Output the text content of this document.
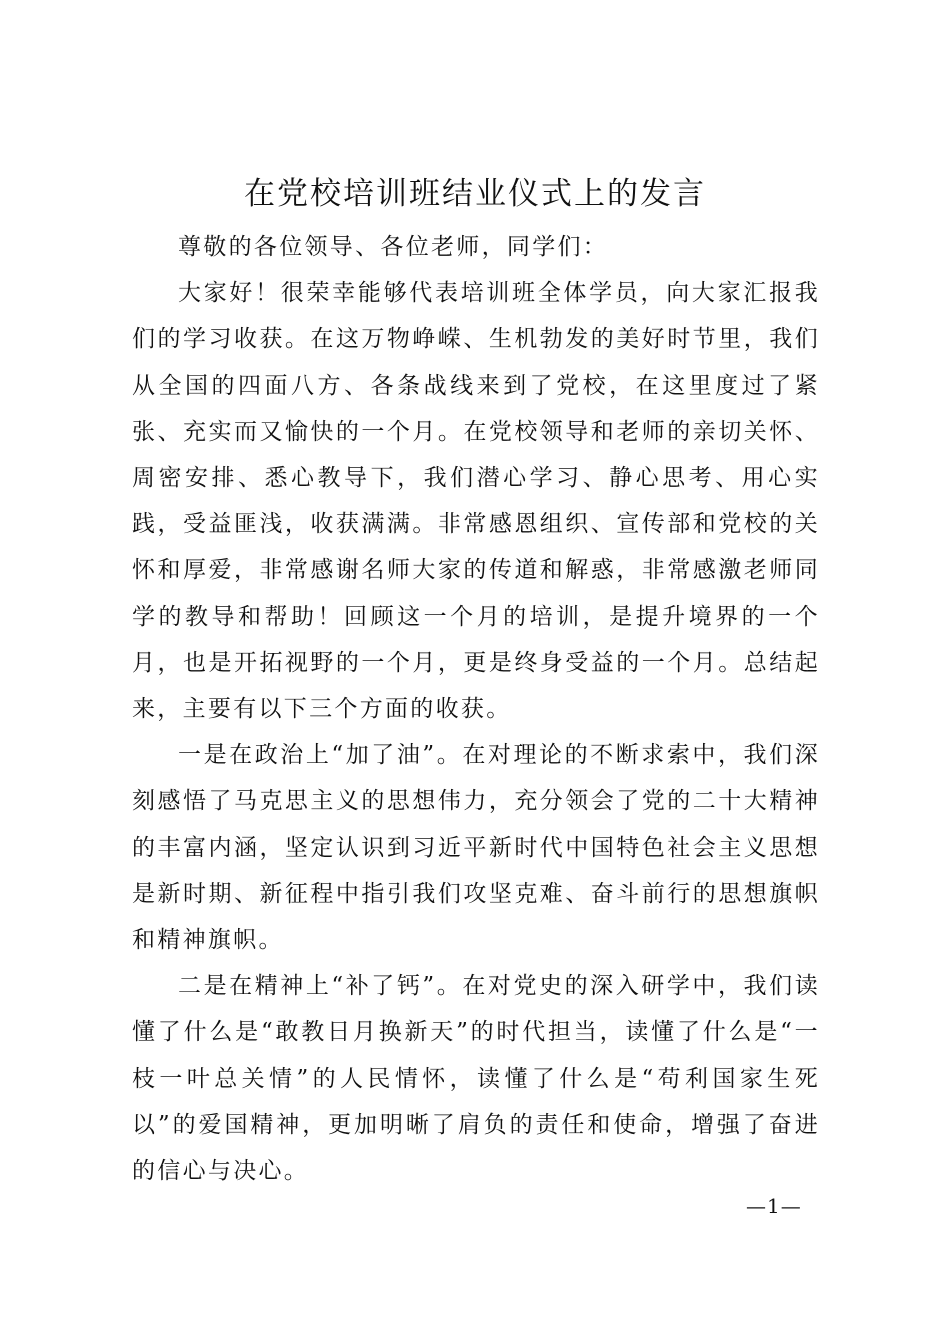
在党校培训班结业仪式上的发言

尊敬的各位领导、各位老师，同学们：

大家好！很荣幸能够代表培训班全体学员，向大家汇报我们的学习收获。在这万物峥嵘、生机勃发的美好时节里，我们从全国的四面八方、各条战线来到了党校，在这里度过了紧张、充实而又愉快的一个月。在党校领导和老师的亲切关怀、周密安排、悉心教导下，我们潜心学习、静心思考、用心实践，受益匪浅，收获满满。非常感恩组织、宣传部和党校的关怀和厚爱，非常感谢名师大家的传道和解惑，非常感激老师同学的教导和帮助！回顾这一个月的培训，是提升境界的一个月，也是开拓视野的一个月，更是终身受益的一个月。总结起来，主要有以下三个方面的收获。

一是在政治上“加了油”。在对理论的不断求索中，我们深刻感悟了马克思主义的思想伟力，充分领会了党的二十大精神的丰富内涵，坚定认识到习近平新时代中国特色社会主义思想是新时期、新征程中指引我们攻坚克难、奋斗前行的思想旗帜和精神旗帜。

二是在精神上“补了钙”。在对党史的深入研学中，我们读懂了什么是“敢教日月换新天”的时代担当，读懂了什么是“一枝一叶总关情”的人民情怀，读懂了什么是“苟利国家生死以”的爱国精神，更加明晰了肩负的责任和使命，增强了奋进的信心与决心。

—1—
